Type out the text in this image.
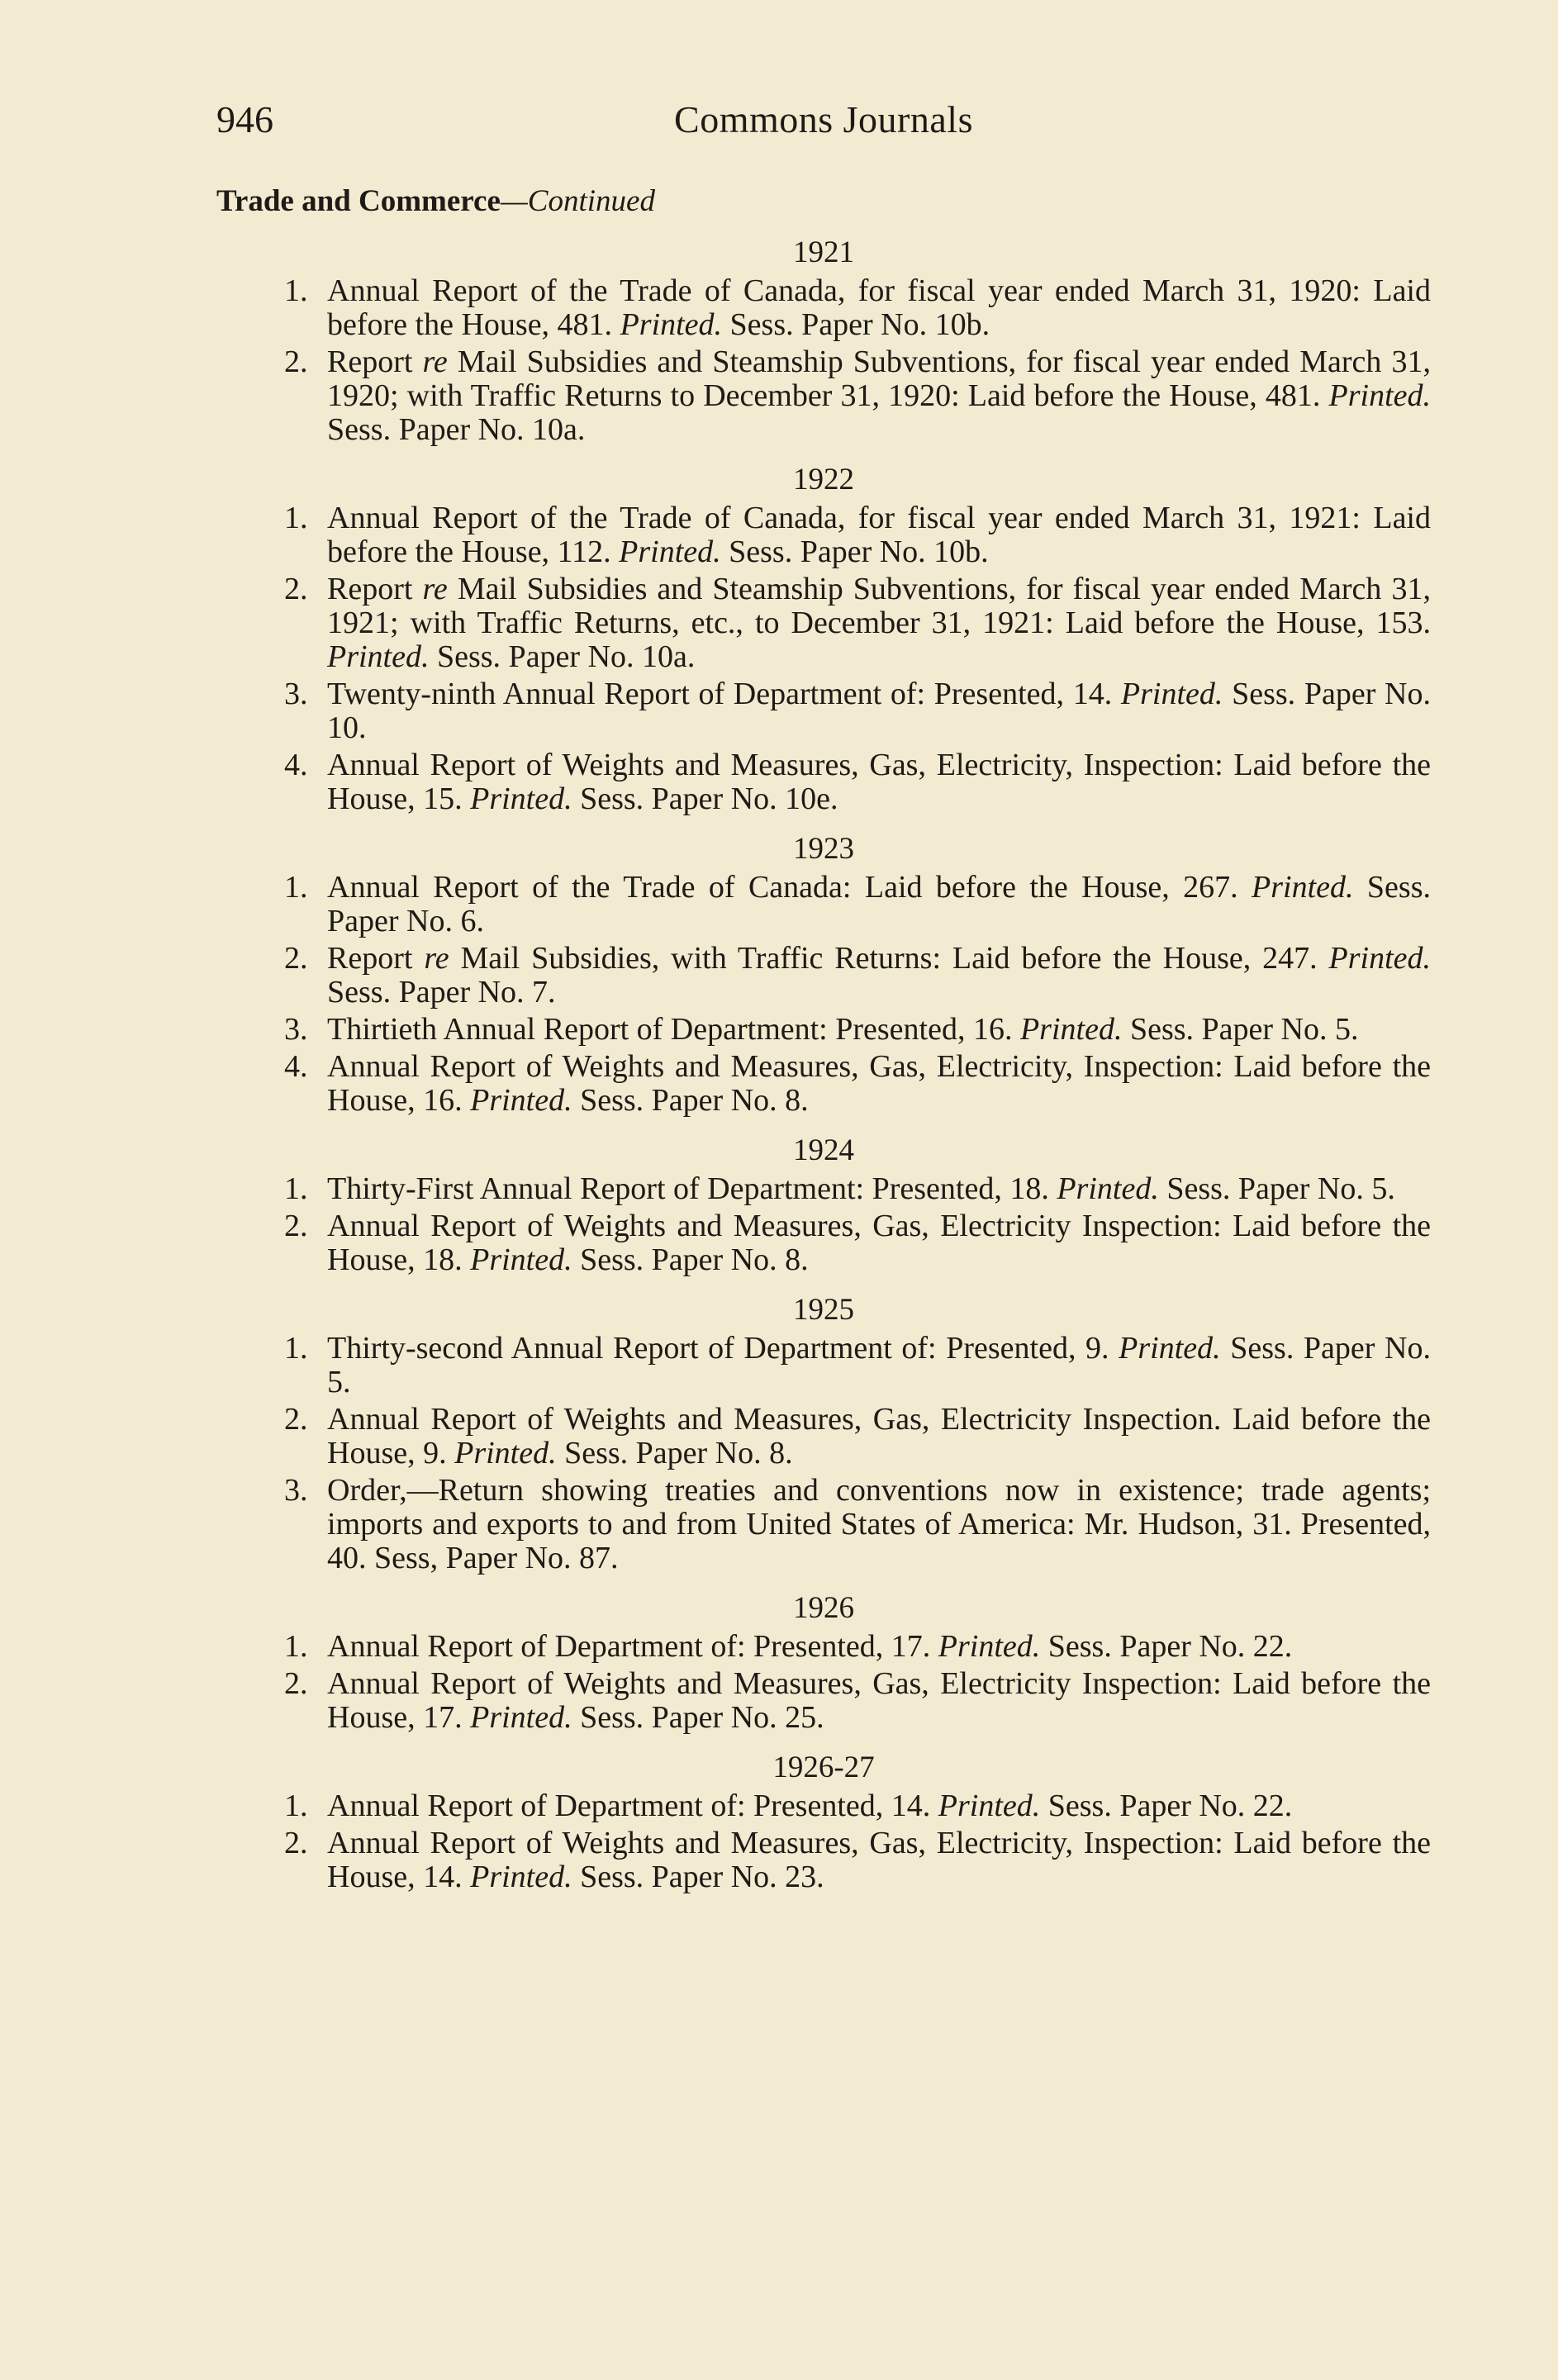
946	Commons Journals
Trade and Commerce—Continued
1921
1. Annual Report of the Trade of Canada, for fiscal year ended March 31, 1920: Laid before the House, 481. Printed. Sess. Paper No. 10b.
2. Report re Mail Subsidies and Steamship Subventions, for fiscal year ended March 31, 1920; with Traffic Returns to December 31, 1920: Laid before the House, 481. Printed. Sess. Paper No. 10a.
1922
1. Annual Report of the Trade of Canada, for fiscal year ended March 31, 1921: Laid before the House, 112. Printed. Sess. Paper No. 10b.
2. Report re Mail Subsidies and Steamship Subventions, for fiscal year ended March 31, 1921; with Traffic Returns, etc., to December 31, 1921: Laid before the House, 153. Printed. Sess. Paper No. 10a.
3. Twenty-ninth Annual Report of Department of: Presented, 14. Printed. Sess. Paper No. 10.
4. Annual Report of Weights and Measures, Gas, Electricity, Inspection: Laid before the House, 15. Printed. Sess. Paper No. 10e.
1923
1. Annual Report of the Trade of Canada: Laid before the House, 267. Printed. Sess. Paper No. 6.
2. Report re Mail Subsidies, with Traffic Returns: Laid before the House, 247. Printed. Sess. Paper No. 7.
3. Thirtieth Annual Report of Department: Presented, 16. Printed. Sess. Paper No. 5.
4. Annual Report of Weights and Measures, Gas, Electricity, Inspection: Laid before the House, 16. Printed. Sess. Paper No. 8.
1924
1. Thirty-First Annual Report of Department: Presented, 18. Printed. Sess. Paper No. 5.
2. Annual Report of Weights and Measures, Gas, Electricity Inspection: Laid before the House, 18. Printed. Sess. Paper No. 8.
1925
1. Thirty-second Annual Report of Department of: Presented, 9. Printed. Sess. Paper No. 5.
2. Annual Report of Weights and Measures, Gas, Electricity Inspection. Laid before the House, 9. Printed. Sess. Paper No. 8.
3. Order,—Return showing treaties and conventions now in existence; trade agents; imports and exports to and from United States of America: Mr. Hudson, 31. Presented, 40. Sess, Paper No. 87.
1926
1. Annual Report of Department of: Presented, 17. Printed. Sess. Paper No. 22.
2. Annual Report of Weights and Measures, Gas, Electricity Inspection: Laid before the House, 17. Printed. Sess. Paper No. 25.
1926-27
1. Annual Report of Department of: Presented, 14. Printed. Sess. Paper No. 22.
2. Annual Report of Weights and Measures, Gas, Electricity, Inspection: Laid before the House, 14. Printed. Sess. Paper No. 23.
